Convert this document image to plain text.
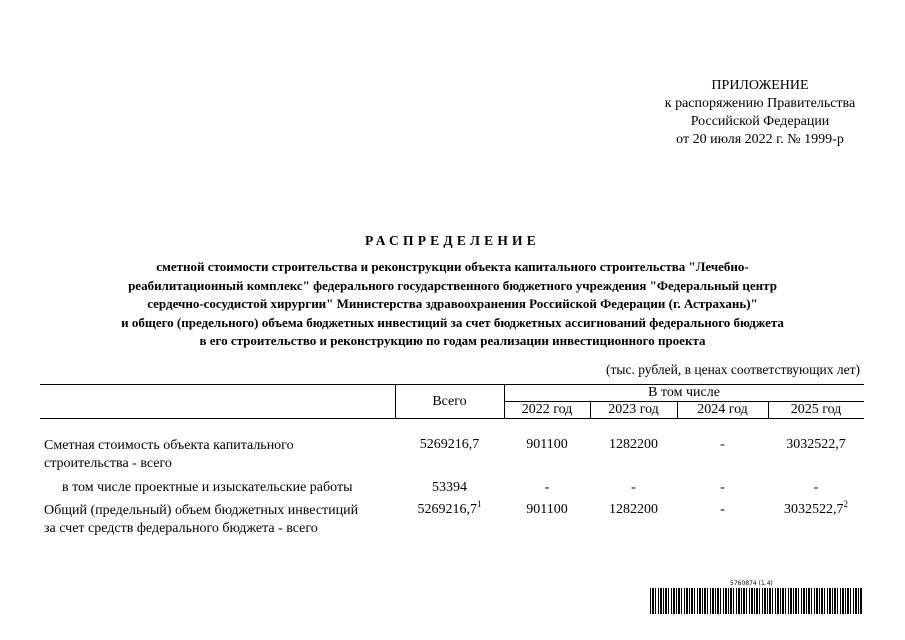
ПРИЛОЖЕНИЕ
к распоряжению Правительства
Российской Федерации
от 20 июля 2022 г. № 1999-р
РАСПРЕДЕЛЕНИЕ
сметной стоимости строительства и реконструкции объекта капитального строительства "Лечебно-
реабилитационный комплекс" федерального государственного бюджетного учреждения "Федеральный центр
сердечно-сосудистой хирургии" Министерства здравоохранения Российской Федерации (г. Астрахань)"
и общего (предельного) объема бюджетных инвестиций за счет бюджетных ассигнований федерального бюджета
в его строительство и реконструкцию по годам реализации инвестиционного проекта
(тыс. рублей, в ценах соответствующих лет)
Всего
В том числе
2022 год	2023 год	2024 год	2025 год
Сметная стоимость объекта капитального
строительства - всего
5269216,7	901100	1282200	-	3032522,7
в том числе проектные и изыскательские работы	53394	-	-	-	-
Общий (предельный) объем бюджетных инвестиций
за счет средств федерального бюджета - всего
5269216,7$^1$	901100	1282200	-	3032522,7$^2$
5760874 (1.4)
